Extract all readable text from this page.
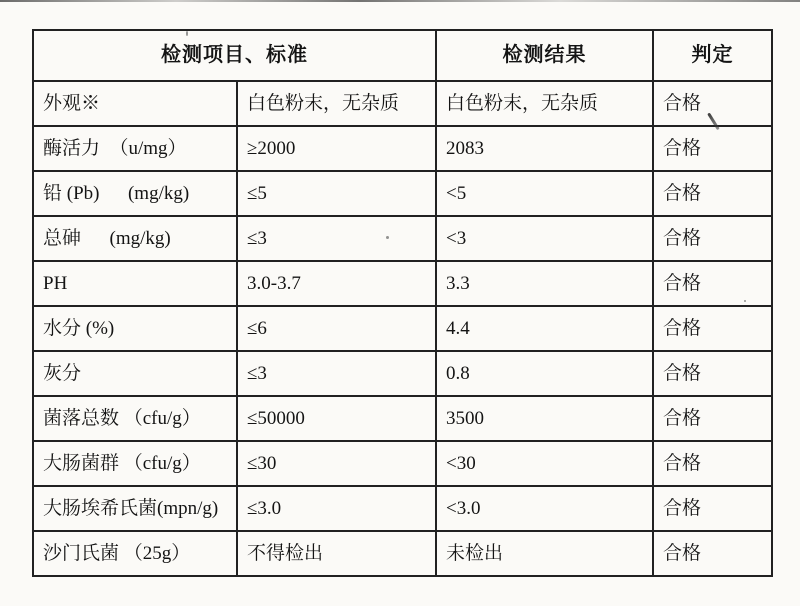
检测项目、标准		检测结果	判定
外观※	白色粉末，无杂质	白色粉末，无杂质	合格
酶活力　（u/mg）	≥2000	2083	合格
铅 (Pb)　  (mg/kg)	≤5	<5	合格
总砷　  (mg/kg)	≤3	<3	合格
PH	3.0-3.7	3.3	合格
水分 (%)	≤6	4.4	合格
灰分	≤3	0.8	合格
菌落总数 （cfu/g）	≤50000	3500	合格
大肠菌群 （cfu/g）	≤30	<30	合格
大肠埃希氏菌(mpn/g)	≤3.0	<3.0	合格
沙门氏菌 （25g）	不得检出	未检出	合格
